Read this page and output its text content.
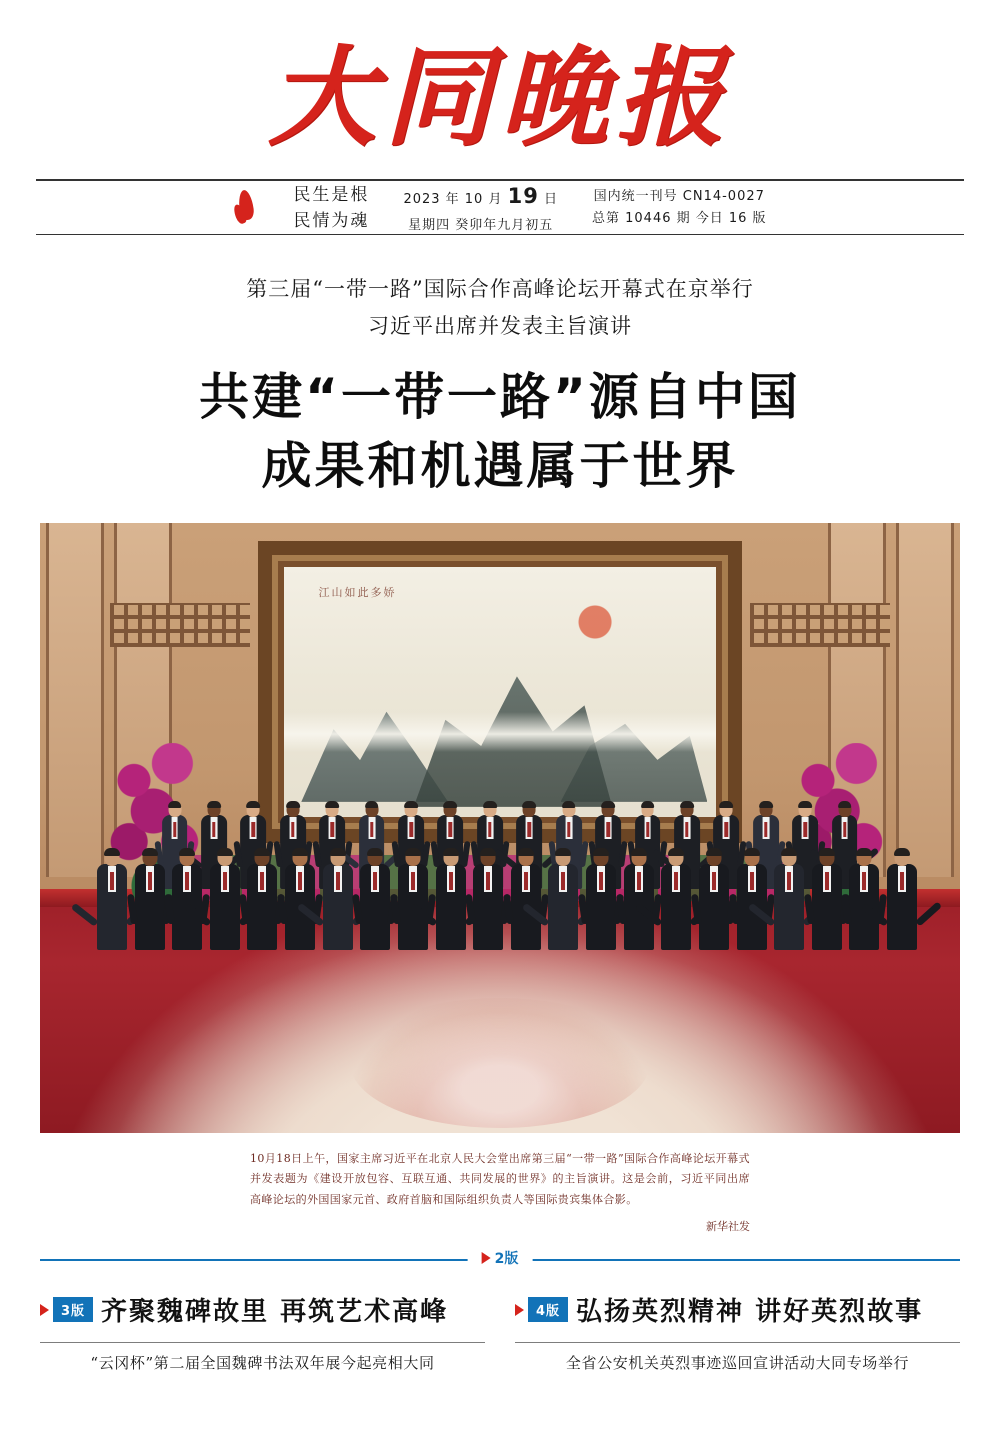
大同晚报
民生是根
民情为魂
2023 年 10 月 19 日
星期四 癸卯年九月初五
国内统一刊号 CN14-0027
总第 10446 期 今日 16 版
第三届“一带一路”国际合作高峰论坛开幕式在京举行
习近平出席并发表主旨演讲
共建“一带一路”源自中国
成果和机遇属于世界
江山如此多娇
10月18日上午，国家主席习近平在北京人民大会堂出席第三届“一带一路”国际合作高峰论坛开幕式并发表题为《建设开放包容、互联互通、共同发展的世界》的主旨演讲。这是会前，习近平同出席高峰论坛的外国国家元首、政府首脑和国际组织负责人等国际贵宾集体合影。
新华社发
2版
3版 齐聚魏碑故里 再筑艺术高峰
“云冈杯”第二届全国魏碑书法双年展今起亮相大同
4版 弘扬英烈精神 讲好英烈故事
全省公安机关英烈事迹巡回宣讲活动大同专场举行
